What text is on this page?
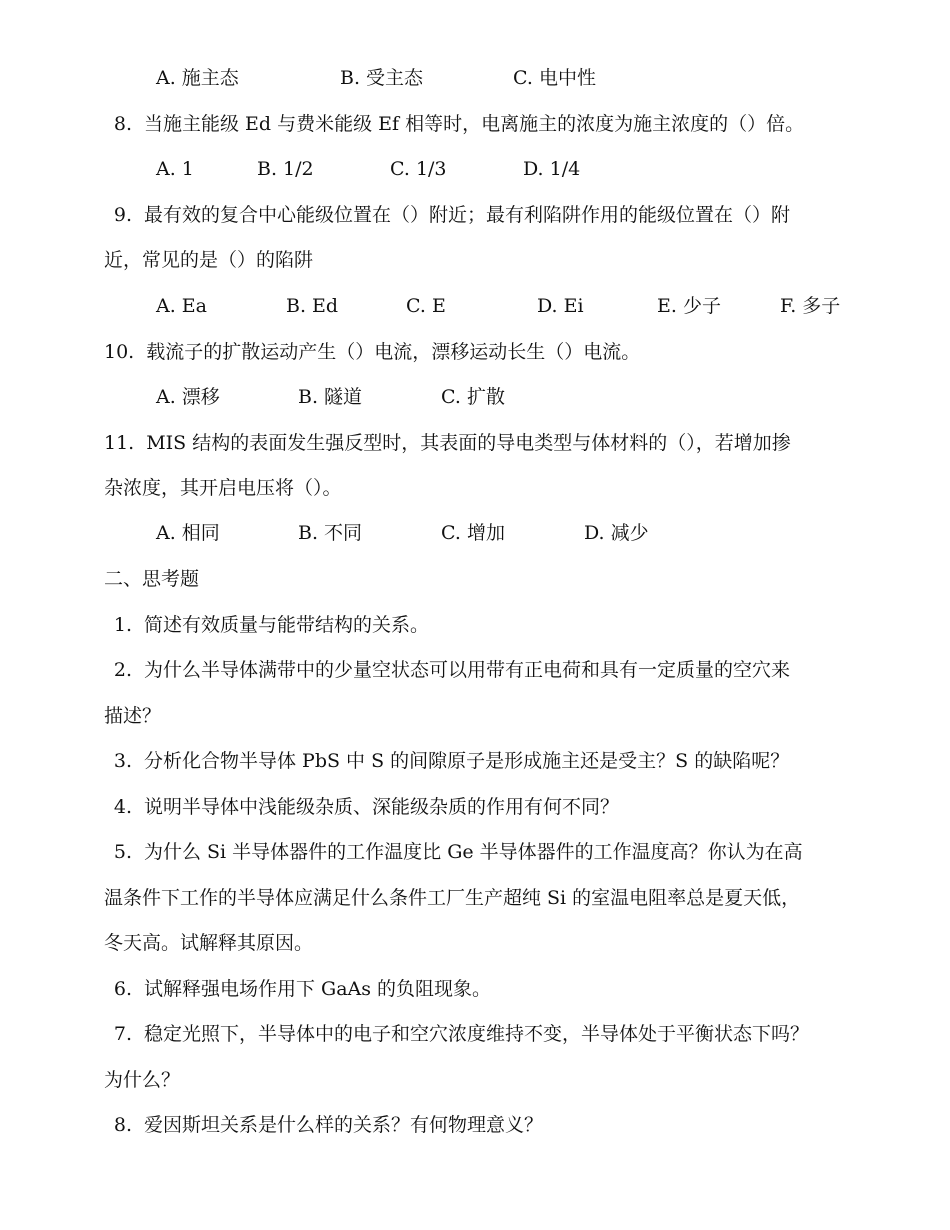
A. 施主态	B. 受主态	C. 电中性
8. 当施主能级 Ed 与费米能级 Ef 相等时，电离施主的浓度为施主浓度的（）倍。
A. 1	B. 1/2	C. 1/3	D. 1/4
9. 最有效的复合中心能级位置在（）附近；最有利陷阱作用的能级位置在（）附
近，常见的是（）的陷阱
A. Ea	B. Ed	C. E	D. Ei	E. 少子	F. 多子
10. 载流子的扩散运动产生（）电流，漂移运动长生（）电流。
A. 漂移	B. 隧道	C. 扩散
11. MIS 结构的表面发生强反型时，其表面的导电类型与体材料的（），若增加掺
杂浓度，其开启电压将（）。
A. 相同	B. 不同	C. 增加	D. 减少
二、思考题
1. 简述有效质量与能带结构的关系。
2. 为什么半导体满带中的少量空状态可以用带有正电荷和具有一定质量的空穴来
描述？
3. 分析化合物半导体 PbS 中 S 的间隙原子是形成施主还是受主？S 的缺陷呢？
4. 说明半导体中浅能级杂质、深能级杂质的作用有何不同？
5. 为什么 Si 半导体器件的工作温度比 Ge 半导体器件的工作温度高？你认为在高
温条件下工作的半导体应满足什么条件工厂生产超纯 Si 的室温电阻率总是夏天低，
冬天高。试解释其原因。
6. 试解释强电场作用下 GaAs 的负阻现象。
7. 稳定光照下，半导体中的电子和空穴浓度维持不变，半导体处于平衡状态下吗？
为什么？
8. 爱因斯坦关系是什么样的关系？有何物理意义？
